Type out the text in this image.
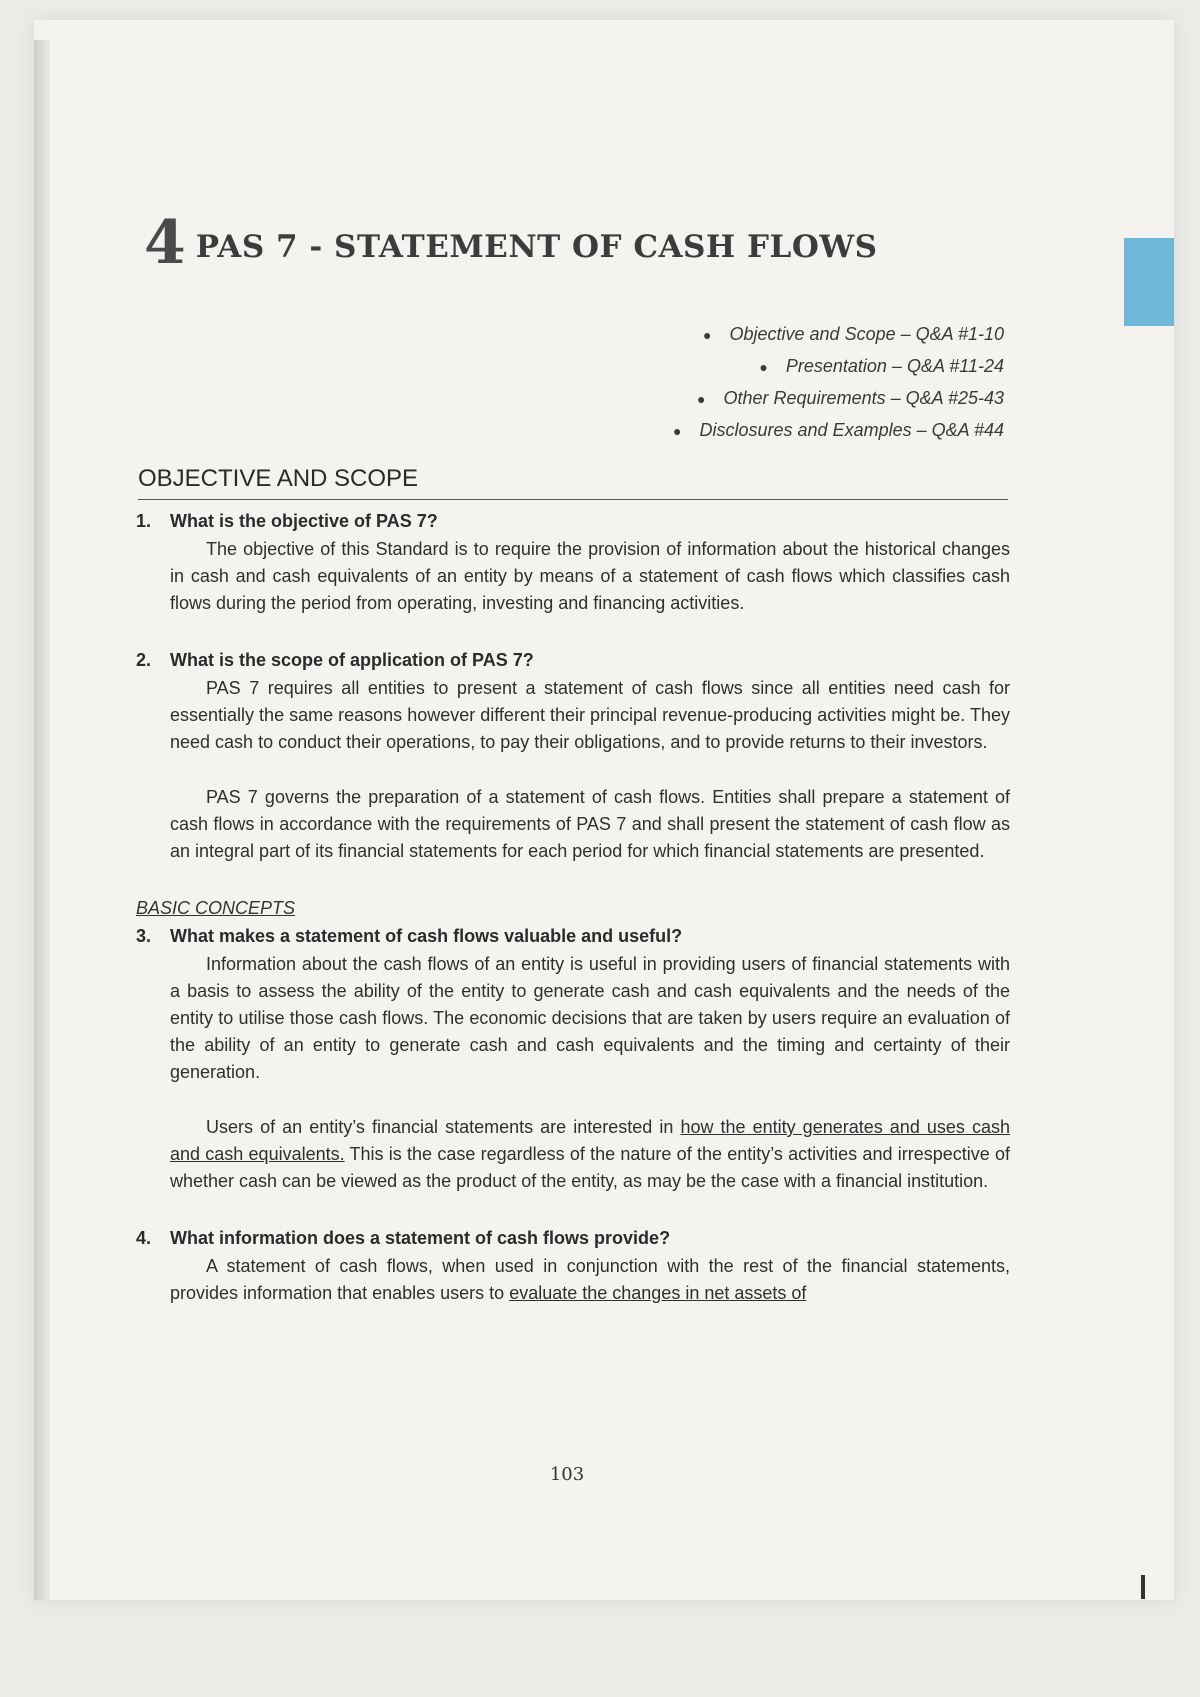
4 PAS 7 - STATEMENT OF CASH FLOWS
● Objective and Scope – Q&A #1-10
● Presentation – Q&A #11-24
● Other Requirements – Q&A #25-43
● Disclosures and Examples – Q&A #44
OBJECTIVE AND SCOPE

1. What is the objective of PAS 7?

The objective of this Standard is to require the provision of information about the historical changes in cash and cash equivalents of an entity by means of a statement of cash flows which classifies cash flows during the period from operating, investing and financing activities.

2. What is the scope of application of PAS 7?

PAS 7 requires all entities to present a statement of cash flows since all entities need cash for essentially the same reasons however different their principal revenue-producing activities might be. They need cash to conduct their operations, to pay their obligations, and to provide returns to their investors.

PAS 7 governs the preparation of a statement of cash flows. Entities shall prepare a statement of cash flows in accordance with the requirements of PAS 7 and shall present the statement of cash flow as an integral part of its financial statements for each period for which financial statements are presented.

BASIC CONCEPTS

3. What makes a statement of cash flows valuable and useful?

Information about the cash flows of an entity is useful in providing users of financial statements with a basis to assess the ability of the entity to generate cash and cash equivalents and the needs of the entity to utilise those cash flows. The economic decisions that are taken by users require an evaluation of the ability of an entity to generate cash and cash equivalents and the timing and certainty of their generation.

Users of an entity’s financial statements are interested in how the entity generates and uses cash and cash equivalents. This is the case regardless of the nature of the entity’s activities and irrespective of whether cash can be viewed as the product of the entity, as may be the case with a financial institution.

4. What information does a statement of cash flows provide?

A statement of cash flows, when used in conjunction with the rest of the financial statements, provides information that enables users to evaluate the changes in net assets of

103
